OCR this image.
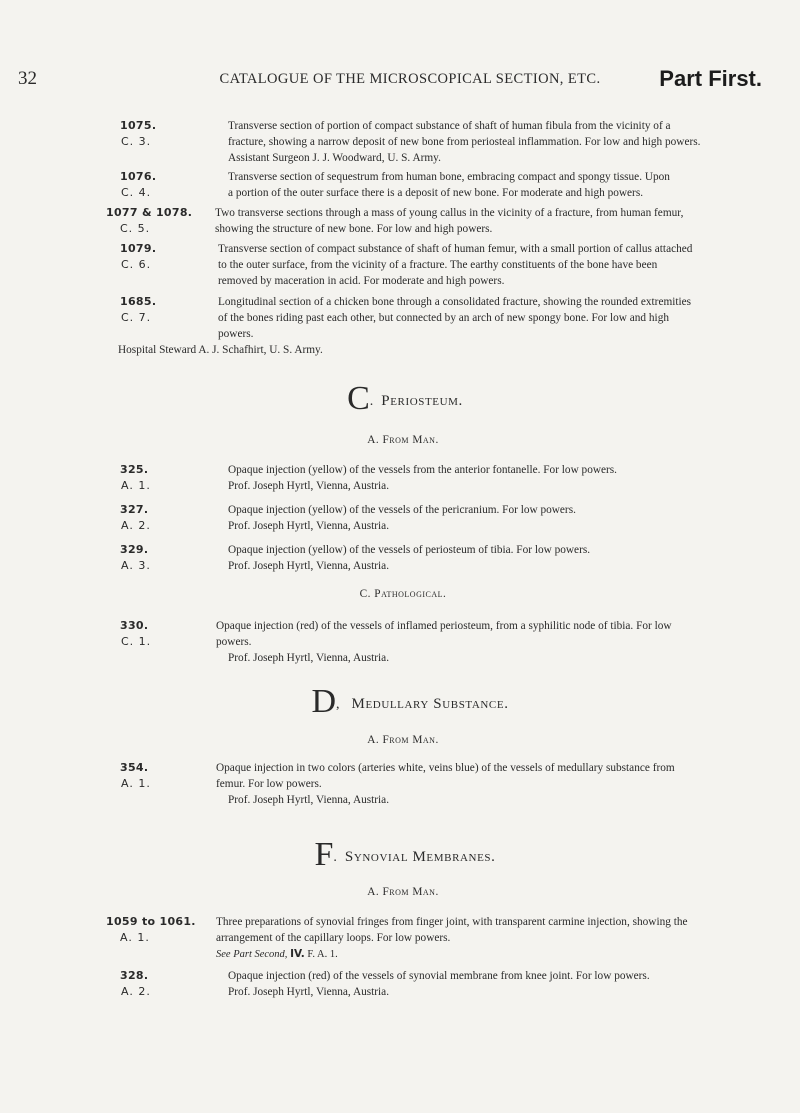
32	CATALOGUE OF THE MICROSCOPICAL SECTION, ETC.	Part First.
1075.
C. 3.
Transverse section of portion of compact substance of shaft of human fibula from the vicinity of a
fracture, showing a narrow deposit of new bone from periosteal inflammation. For low and high powers.
Assistant Surgeon J. J. Woodward, U. S. Army.
1076.
C. 4.
Transverse section of sequestrum from human bone, embracing compact and spongy tissue. Upon
a portion of the outer surface there is a deposit of new bone. For moderate and high powers.
1077 & 1078.
C. 5.
Two transverse sections through a mass of young callus in the vicinity of a fracture, from human femur,
showing the structure of new bone. For low and high powers.
1079.
C. 6.
Transverse section of compact substance of shaft of human femur, with a small portion of callus attached
to the outer surface, from the vicinity of a fracture. The earthy constituents of the bone have been
removed by maceration in acid. For moderate and high powers.
1685.
C. 7.
Longitudinal section of a chicken bone through a consolidated fracture, showing the rounded extremities
of the bones riding past each other, but connected by an arch of new spongy bone. For low and high
powers.
Hospital Steward A. J. Schafhirt, U. S. Army.
C. Periosteum.
A. From Man.
325.
A. 1.
Opaque injection (yellow) of the vessels from the anterior fontanelle. For low powers.
Prof. Joseph Hyrtl, Vienna, Austria.
327.
A. 2.
Opaque injection (yellow) of the vessels of the pericranium. For low powers.
Prof. Joseph Hyrtl, Vienna, Austria.
329.
A. 3.
Opaque injection (yellow) of the vessels of periosteum of tibia. For low powers.
Prof. Joseph Hyrtl, Vienna, Austria.
C. Pathological.
330.
C. 1.
Opaque injection (red) of the vessels of inflamed periosteum, from a syphilitic node of tibia. For low
powers.
Prof. Joseph Hyrtl, Vienna, Austria.
D, Medullary Substance.
A. From Man.
354.
A. 1.
Opaque injection in two colors (arteries white, veins blue) of the vessels of medullary substance from
femur. For low powers.
Prof. Joseph Hyrtl, Vienna, Austria.
F. Synovial Membranes.
A. From Man.
1059 to 1061.
A. 1.
Three preparations of synovial fringes from finger joint, with transparent carmine injection, showing the
arrangement of the capillary loops. For low powers.
See Part Second, IV. F. A. 1.
328.
A. 2.
Opaque injection (red) of the vessels of synovial membrane from knee joint. For low powers.
Prof. Joseph Hyrtl, Vienna, Austria.
